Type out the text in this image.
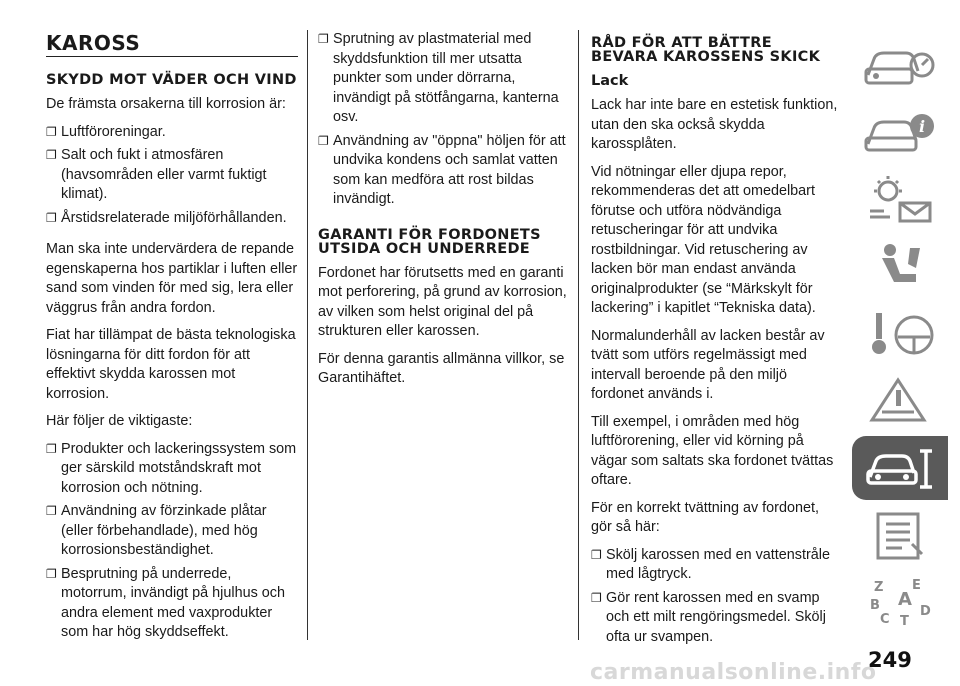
KAROSS
SKYDD MOT VÄDER OCH VIND

De främsta orsakerna till korrosion är:

❐ Luftföroreningar.
❐ Salt och fukt i atmosfären (havsområden eller varmt fuktigt klimat).
❐ Årstidsrelaterade miljöförhållanden.

Man ska inte undervärdera de repande egenskaperna hos partiklar i luften eller sand som vinden för med sig, lera eller väggrus från andra fordon.

Fiat har tillämpat de bästa teknologiska lösningarna för ditt fordon för att effektivt skydda karossen mot korrosion.

Här följer de viktigaste:

❐ Produkter och lackeringssystem som ger särskild motståndskraft mot korrosion och nötning.
❐ Användning av förzinkade plåtar (eller förbehandlade), med hög korrosionsbeständighet.
❐ Besprutning på underrede, motorrum, invändigt på hjulhus och andra element med vaxprodukter som har hög skyddseffekt.
❐ Sprutning av plastmaterial med skyddsfunktion till mer utsatta punkter som under dörrarna, invändigt på stötfångarna, kanterna osv.
❐ Användning av "öppna" höljen för att undvika kondens och samlat vatten som kan medföra att rost bildas invändigt.
GARANTI FÖR FORDONETS UTSIDA OCH UNDERREDE

Fordonet har förutsetts med en garanti mot perforering, på grund av korrosion, av vilken som helst original del på strukturen eller karossen.

För denna garantis allmänna villkor, se Garantihäftet.

RÅD FÖR ATT BÄTTRE BEVARA KAROSSENS SKICK
Lack

Lack har inte bare en estetisk funktion, utan den ska också skydda karossplåten.

Vid nötningar eller djupa repor, rekommenderas det att omedelbart förutse och utföra nödvändiga retuscheringar för att undvika rostbildningar. Vid retuschering av lacken bör man endast använda originalprodukter (se “Märkskylt för lackering” i kapitlet “Tekniska data).

Normalunderhåll av lacken består av tvätt som utförs regelmässigt med intervall beroende på den miljö fordonet används i.

Till exempel, i områden med hög luftförorening, eller vid körning på vägar som saltats ska fordonet tvättas oftare.

För en korrekt tvättning av fordonet, gör så här:

❐ Skölj karossen med en vattenstråle med lågtryck.
❐ Gör rent karossen med en svamp och ett milt rengöringsmedel. Skölj ofta ur svampen.
i
Z E
B A
C
D
T
249
carmanualsonline.info
